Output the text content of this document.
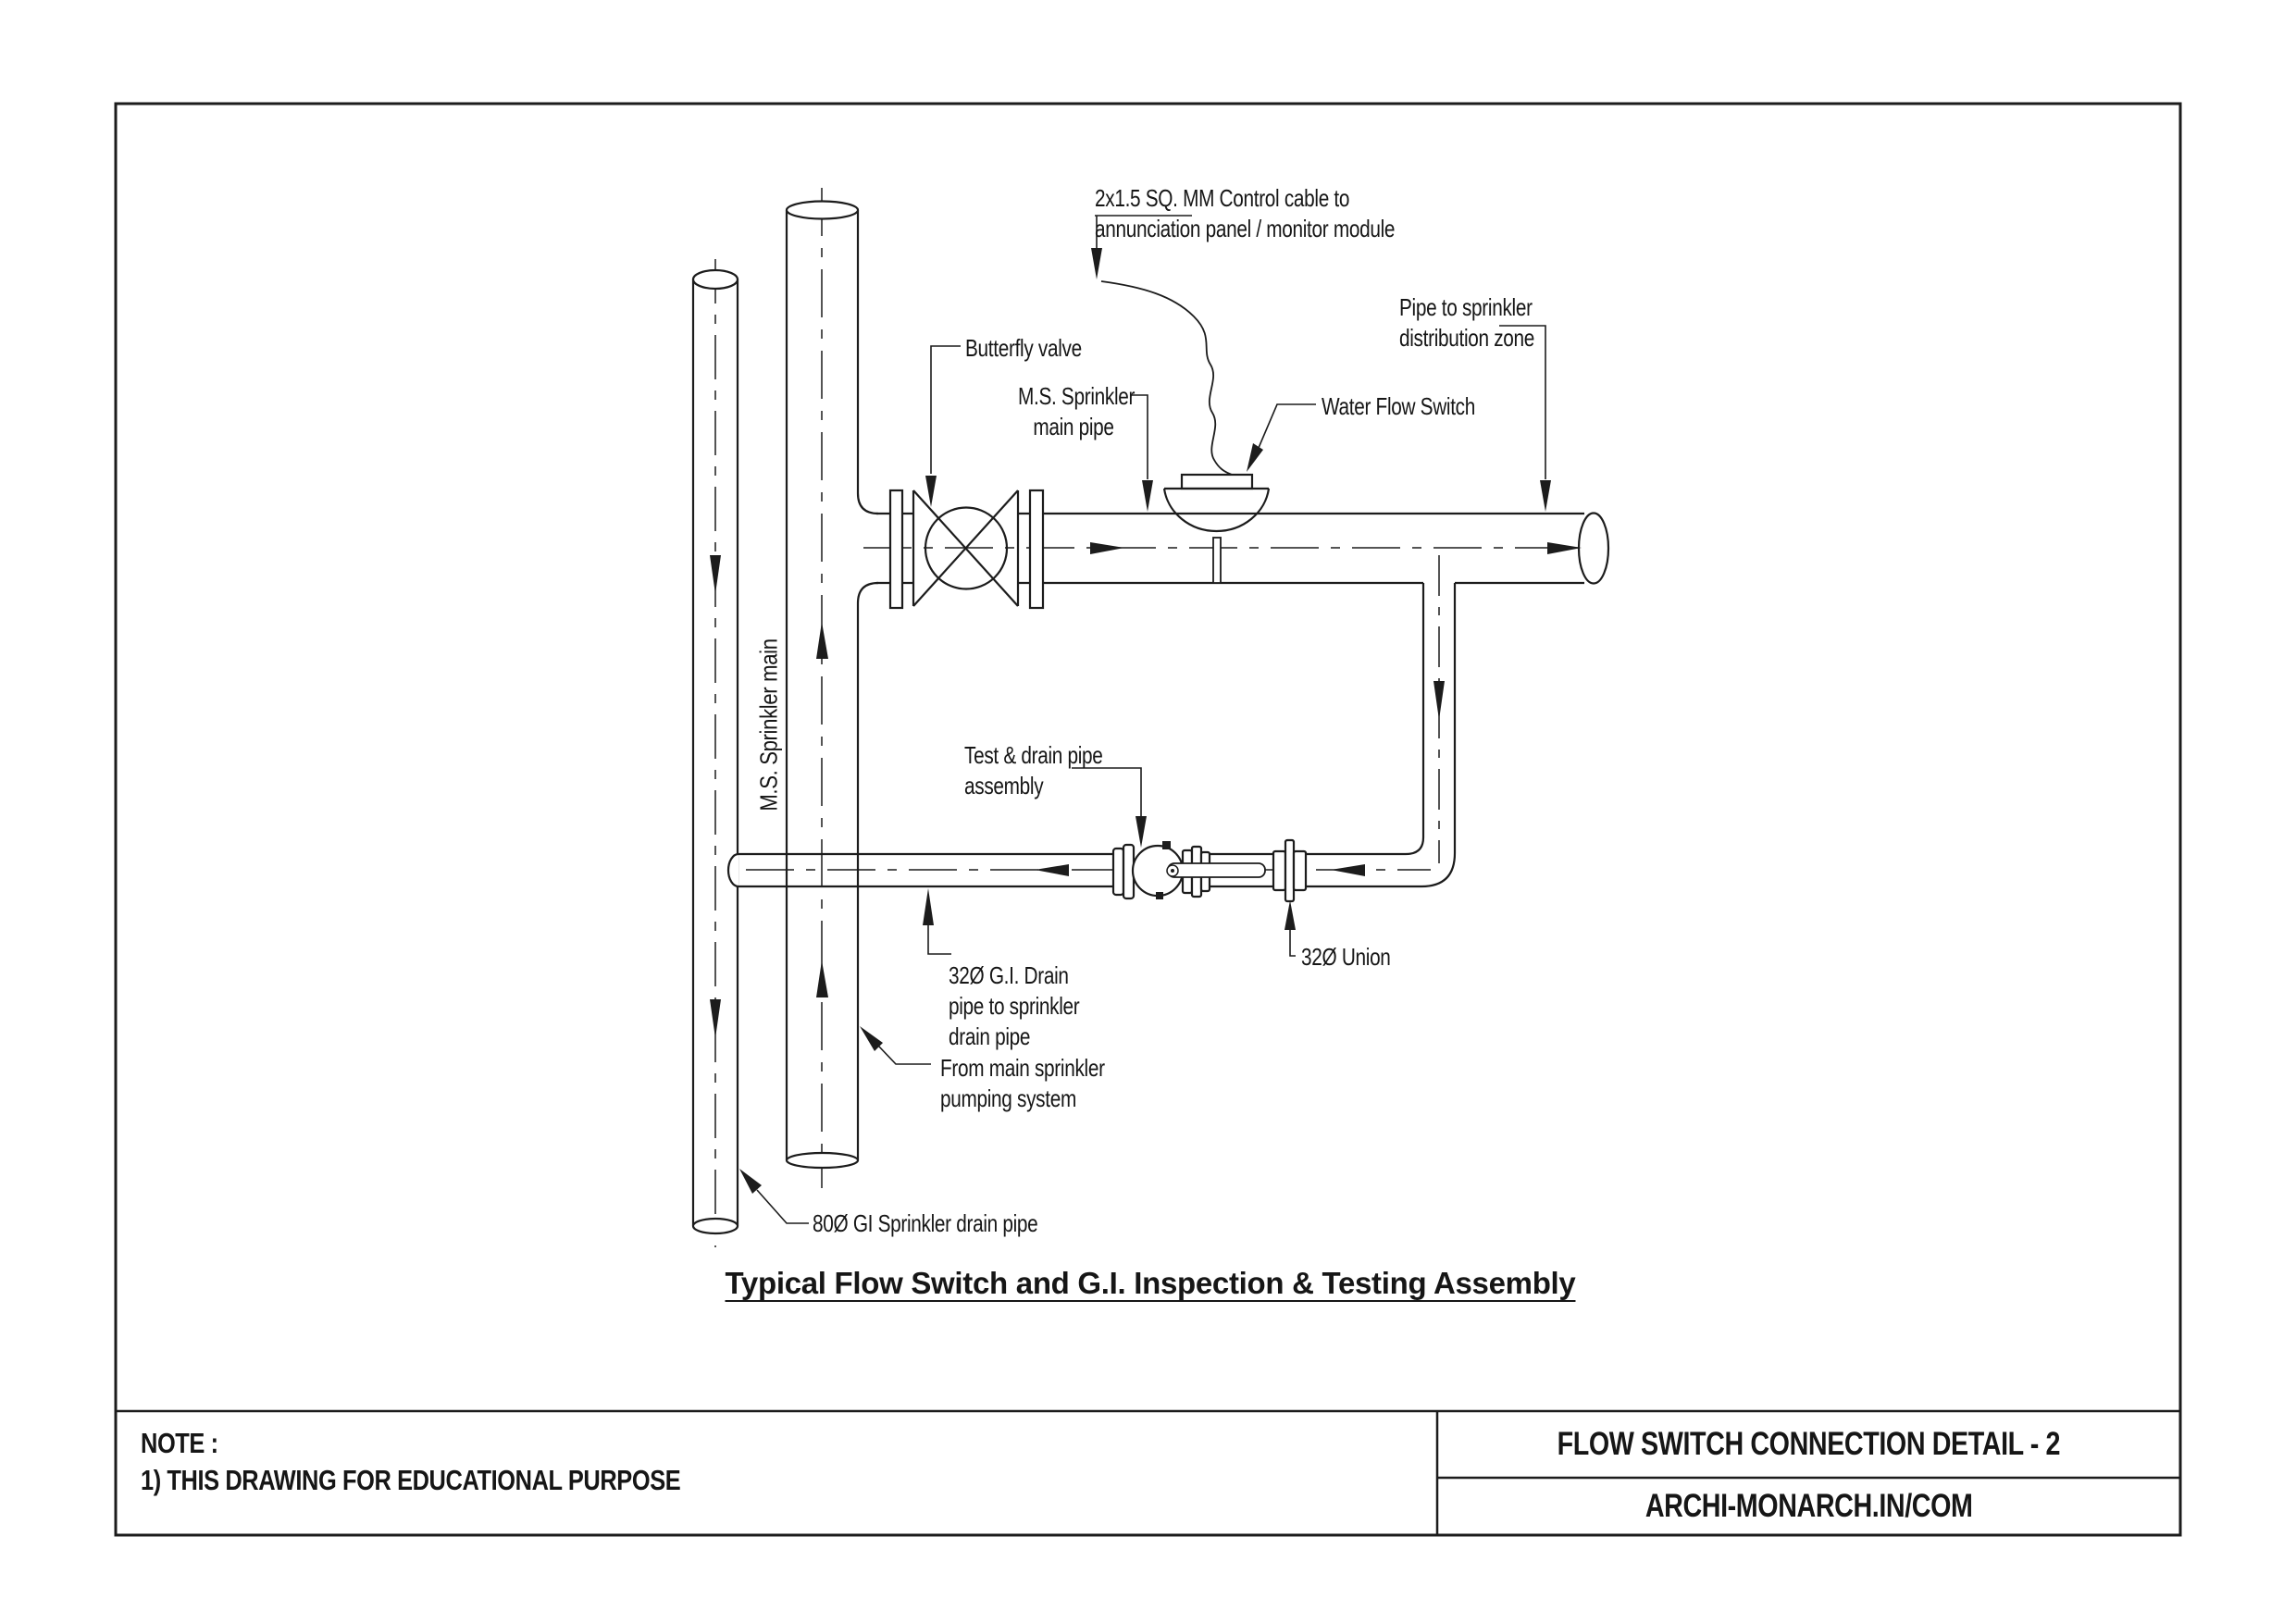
2x1.5 SQ. MM Control cable to
annunciation panel / monitor module
Pipe to sprinkler
distribution zone
Butterfly valve
M.S. Sprinkler
main pipe
Water Flow Switch
M.S. Sprinkler main	Test & drain pipe
assembly
32Ø G.I. Drain
pipe to sprinkler
drain pipe
32Ø Union
From main sprinkler
pumping system
80Ø GI Sprinkler drain pipe
Typical Flow Switch and G.I. Inspection & Testing Assembly
NOTE :
1) THIS DRAWING FOR EDUCATIONAL PURPOSE
FLOW SWITCH CONNECTION DETAIL - 2
ARCHI-MONARCH.IN/COM
